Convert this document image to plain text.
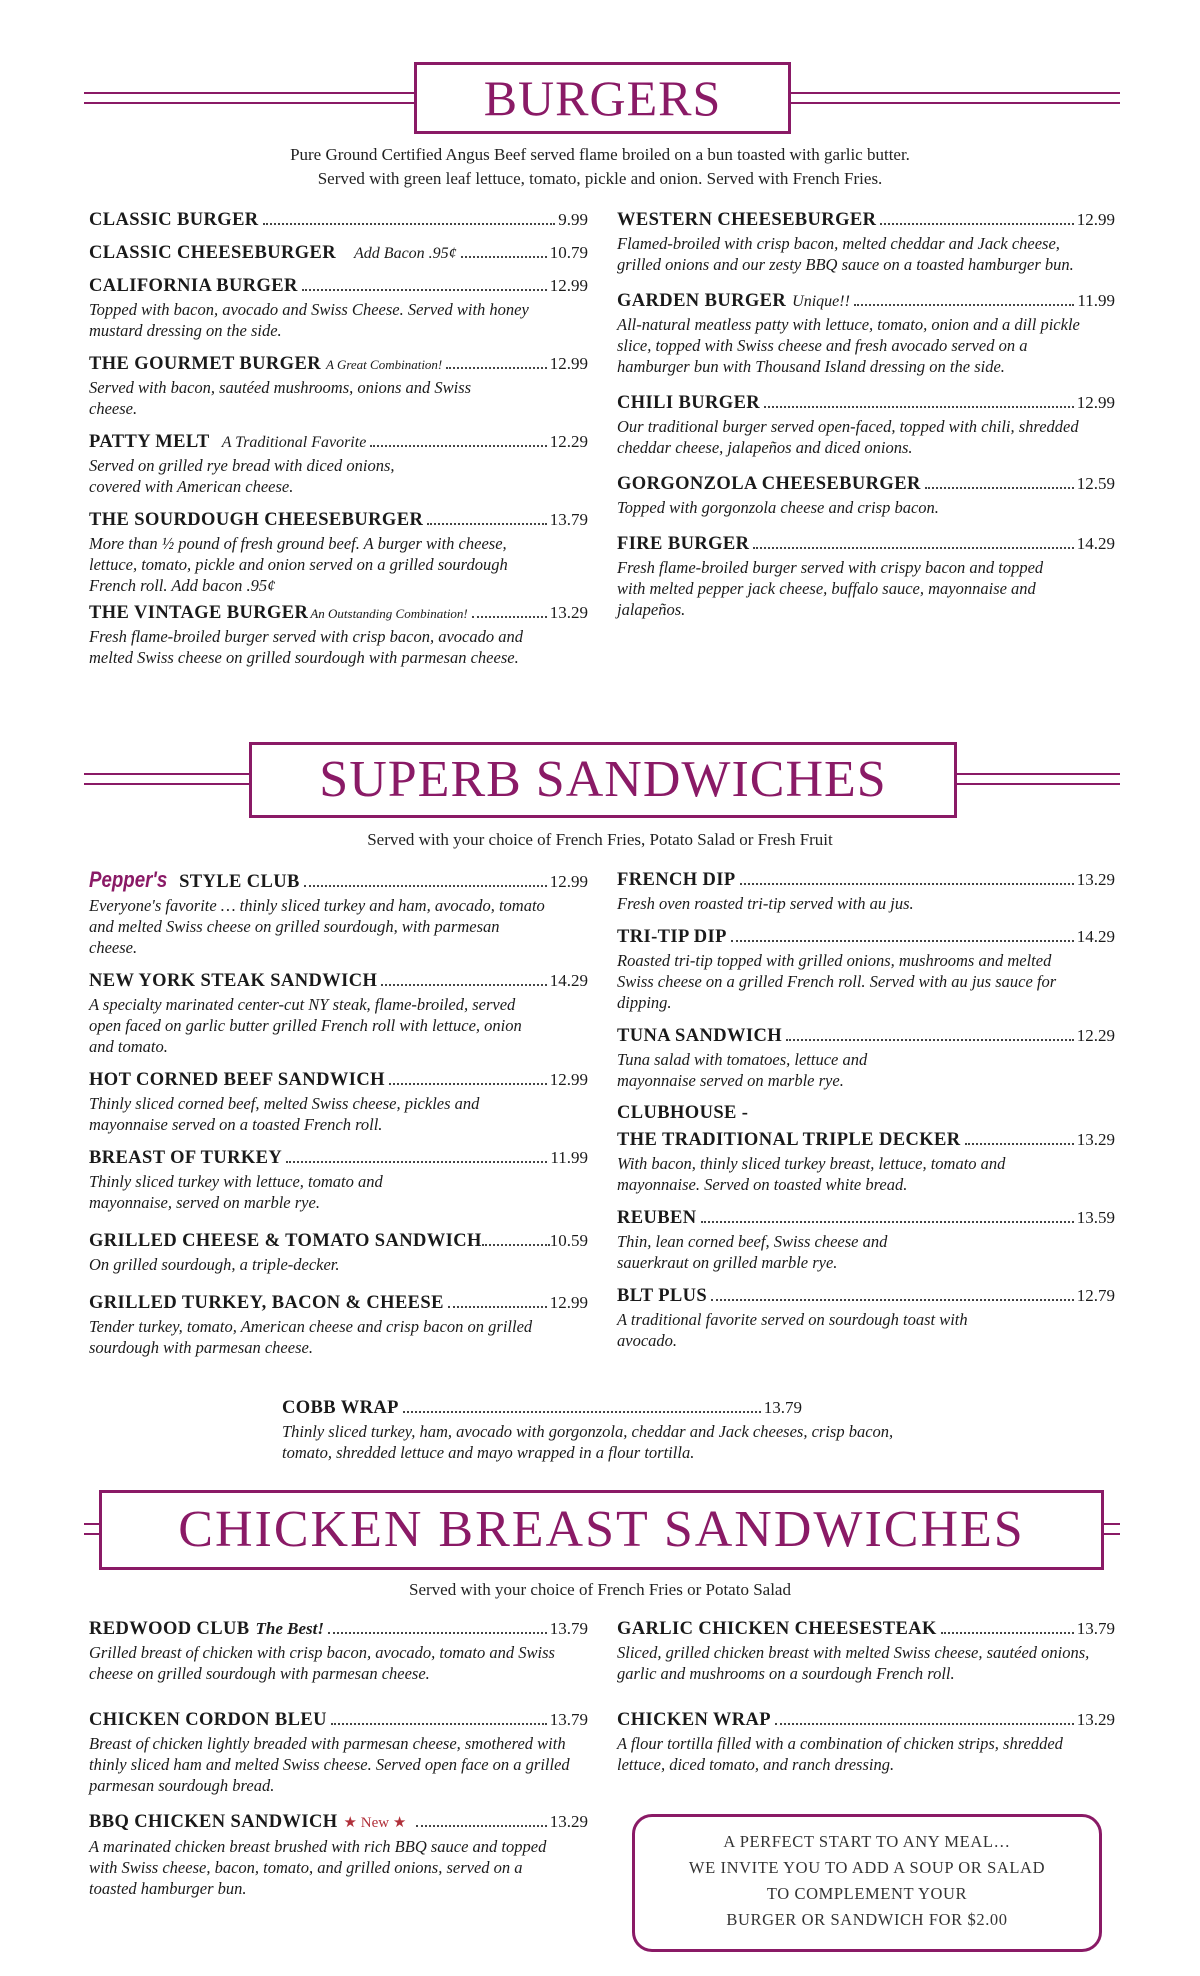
BURGERS
Pure Ground Certified Angus Beef served flame broiled on a bun toasted with garlic butter.
Served with green leaf lettuce, tomato, pickle and onion. Served with French Fries.
CLASSIC BURGER	9.99
CLASSIC CHEESEBURGER Add Bacon .95¢	10.79
CALIFORNIA BURGER	12.99
Topped with bacon, avocado and Swiss Cheese. Served with honey mustard dressing on the side.
THE GOURMET BURGER A Great Combination!	12.99
Served with bacon, sautéed mushrooms, onions and Swiss cheese.
PATTY MELT A Traditional Favorite	12.29
Served on grilled rye bread with diced onions, covered with American cheese.
THE SOURDOUGH CHEESEBURGER	13.79
More than ½ pound of fresh ground beef. A burger with cheese, lettuce, tomato, pickle and onion served on a grilled sourdough French roll. Add bacon .95¢
THE VINTAGE BURGER An Outstanding Combination!	13.29
Fresh flame-broiled burger served with crisp bacon, avocado and melted Swiss cheese on grilled sourdough with parmesan cheese.
WESTERN CHEESEBURGER	12.99
Flamed-broiled with crisp bacon, melted cheddar and Jack cheese, grilled onions and our zesty BBQ sauce on a toasted hamburger bun.
GARDEN BURGER Unique!!	11.99
All-natural meatless patty with lettuce, tomato, onion and a dill pickle slice, topped with Swiss cheese and fresh avocado served on a hamburger bun with Thousand Island dressing on the side.
CHILI BURGER	12.99
Our traditional burger served open-faced, topped with chili, shredded cheddar cheese, jalapeños and diced onions.
GORGONZOLA CHEESEBURGER	12.59
Topped with gorgonzola cheese and crisp bacon.
FIRE BURGER	14.29
Fresh flame-broiled burger served with crispy bacon and topped with melted pepper jack cheese, buffalo sauce, mayonnaise and jalapeños.
SUPERB SANDWICHES
Served with your choice of French Fries, Potato Salad or Fresh Fruit
Pepper's STYLE CLUB	12.99
Everyone's favorite … thinly sliced turkey and ham, avocado, tomato and melted Swiss cheese on grilled sourdough, with parmesan cheese.
NEW YORK STEAK SANDWICH	14.29
A specialty marinated center-cut NY steak, flame-broiled, served open faced on garlic butter grilled French roll with lettuce, onion and tomato.
HOT CORNED BEEF SANDWICH	12.99
Thinly sliced corned beef, melted Swiss cheese, pickles and mayonnaise served on a toasted French roll.
BREAST OF TURKEY	11.99
Thinly sliced turkey with lettuce, tomato and mayonnaise, served on marble rye.
GRILLED CHEESE & TOMATO SANDWICH	10.59
On grilled sourdough, a triple-decker.
GRILLED TURKEY, BACON & CHEESE	12.99
Tender turkey, tomato, American cheese and crisp bacon on grilled sourdough with parmesan cheese.
FRENCH DIP	13.29
Fresh oven roasted tri-tip served with au jus.
TRI-TIP DIP	14.29
Roasted tri-tip topped with grilled onions, mushrooms and melted Swiss cheese on a grilled French roll. Served with au jus sauce for dipping.
TUNA SANDWICH	12.29
Tuna salad with tomatoes, lettuce and mayonnaise served on marble rye.
CLUBHOUSE -
THE TRADITIONAL TRIPLE DECKER	13.29
With bacon, thinly sliced turkey breast, lettuce, tomato and mayonnaise. Served on toasted white bread.
REUBEN	13.59
Thin, lean corned beef, Swiss cheese and sauerkraut on grilled marble rye.
BLT PLUS	12.79
A traditional favorite served on sourdough toast with avocado.
COBB WRAP	13.79
Thinly sliced turkey, ham, avocado with gorgonzola, cheddar and Jack cheeses, crisp bacon, tomato, shredded lettuce and mayo wrapped in a flour tortilla.
CHICKEN BREAST SANDWICHES
Served with your choice of French Fries or Potato Salad
REDWOOD CLUB The Best!	13.79
Grilled breast of chicken with crisp bacon, avocado, tomato and Swiss cheese on grilled sourdough with parmesan cheese.
CHICKEN CORDON BLEU	13.79
Breast of chicken lightly breaded with parmesan cheese, smothered with thinly sliced ham and melted Swiss cheese. Served open face on a grilled parmesan sourdough bread.
BBQ CHICKEN SANDWICH ★ New ★	13.29
A marinated chicken breast brushed with rich BBQ sauce and topped with Swiss cheese, bacon, tomato, and grilled onions, served on a toasted hamburger bun.
GARLIC CHICKEN CHEESESTEAK	13.79
Sliced, grilled chicken breast with melted Swiss cheese, sautéed onions, garlic and mushrooms on a sourdough French roll.
CHICKEN WRAP	13.29
A flour tortilla filled with a combination of chicken strips, shredded lettuce, diced tomato, and ranch dressing.
A PERFECT START TO ANY MEAL…
WE INVITE YOU TO ADD A SOUP OR SALAD
TO COMPLEMENT YOUR
BURGER OR SANDWICH FOR $2.00
